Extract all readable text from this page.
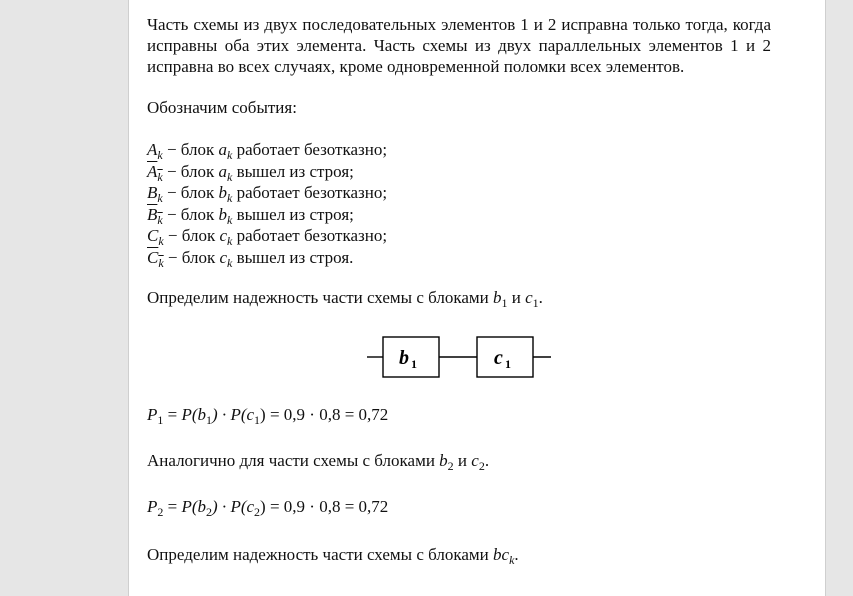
Часть схемы из двух последовательных элементов 1 и 2 исправна только тогда, когда исправны оба этих элемента. Часть схемы из двух параллельных элементов 1 и 2 исправна во всех случаях, кроме одновременной поломки всех элементов.

Обозначим события:

$A_k$ − блок $a_k$ работает безотказно;
$A_k$ − блок $a_k$ вышел из строя;
$B_k$ − блок $b_k$ работает безотказно;
$B_k$ − блок $b_k$ вышел из строя;
$C_k$ − блок $c_k$ работает безотказно;
$C_k$ − блок $c_k$ вышел из строя.

Определим надежность части схемы с блоками $b_1$ и $c_1$.

b 1	c 1

$P_1 = P(b_1) \cdot P(c_1) = 0,9 \cdot 0,8 = 0,72$

Аналогично для части схемы с блоками $b_2$ и $c_2$.

$P_2 = P(b_2) \cdot P(c_2) = 0,9 \cdot 0,8 = 0,72$

Определим надежность части схемы с блоками $bc_k$.
